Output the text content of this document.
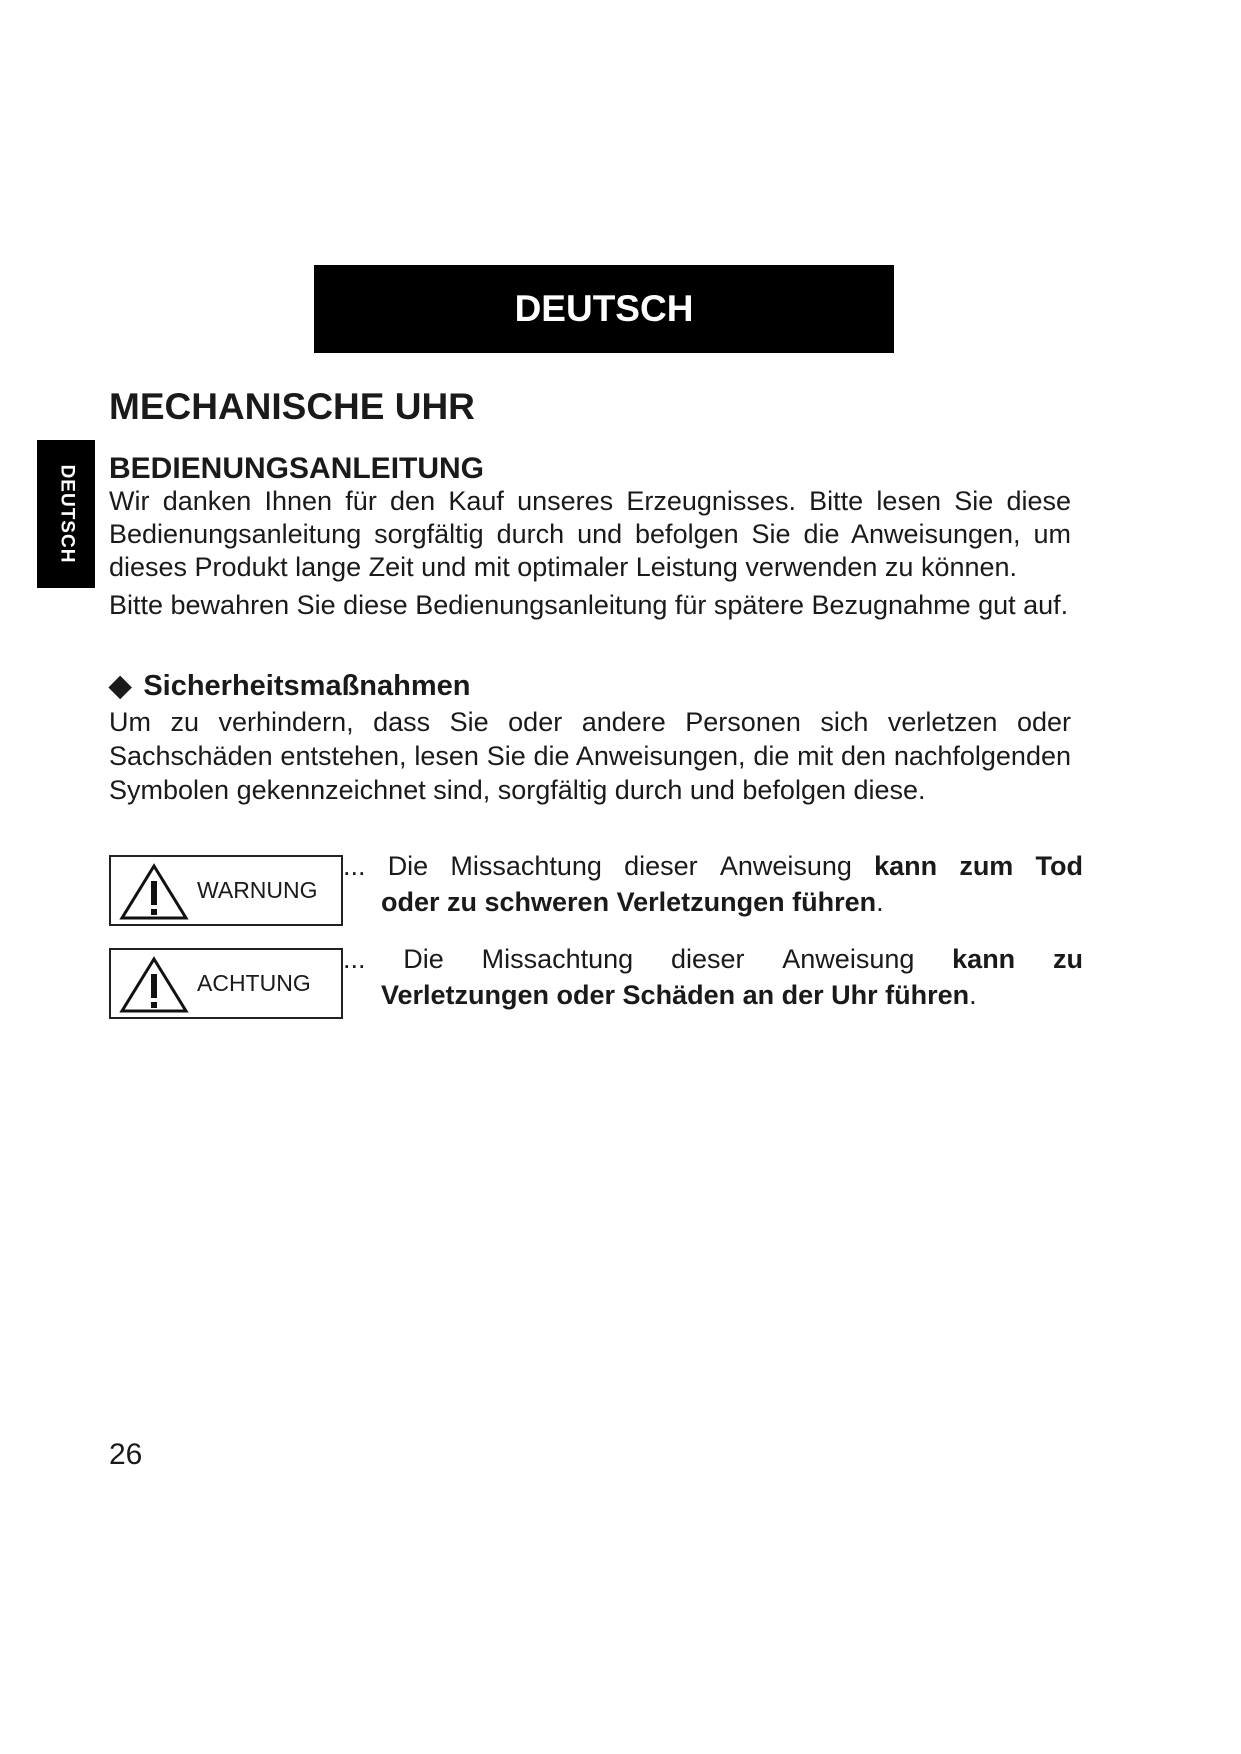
DEUTSCH
DEUTSCH
MECHANISCHE UHR
BEDIENUNGSANLEITUNG
Wir danken Ihnen für den Kauf unseres Erzeugnisses. Bitte lesen Sie diese Bedienungsanleitung sorgfältig durch und befolgen Sie die Anweisungen, um dieses Produkt lange Zeit und mit optimaler Leistung verwenden zu können.
Bitte bewahren Sie diese Bedienungsanleitung für spätere Bezugnahme gut auf.
◆ Sicherheitsmaßnahmen
Um zu verhindern, dass Sie oder andere Personen sich verletzen oder Sachschäden entstehen, lesen Sie die Anweisungen, die mit den nachfolgenden Symbolen gekennzeichnet sind, sorgfältig durch und befolgen diese.
WARNUNG
... Die Missachtung dieser Anweisung kann zum Tod
oder zu schweren Verletzungen führen.
ACHTUNG
... Die Missachtung dieser Anweisung kann zu
Verletzungen oder Schäden an der Uhr führen.
26
